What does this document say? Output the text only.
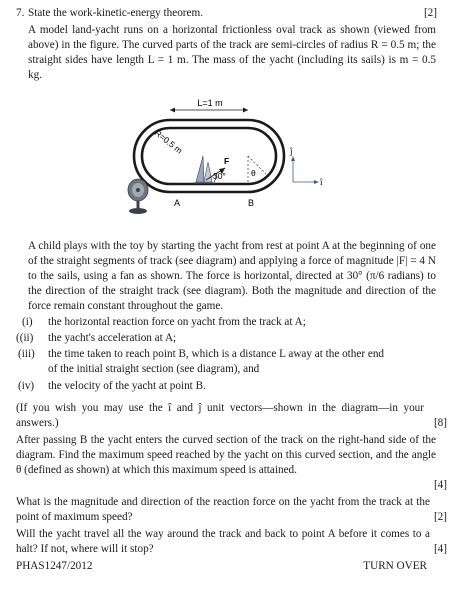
7. State the work-kinetic-energy theorem.	[2]
A model land-yacht runs on a horizontal frictionless oval track as shown (viewed from above) in the figure. The curved parts of the track are semi-circles of radius R = 0.5 m; the straight sides have length L = 1 m. The mass of the yacht (including its sails) is m = 0.5 kg.
L=1 m
R=0.5 m
F
30°	θ
A	B
ĵ
î
A child plays with the toy by starting the yacht from rest at point A at the beginning of one of the straight segments of track (see diagram) and applying a force of magnitude |F| = 4 N to the sails, using a fan as shown. The force is horizontal, directed at 30° (π/6 radians) to the direction of the straight track (see diagram). Both the magnitude and direction of the force remain constant throughout the game.
(i) the horizontal reaction force on yacht from the track at A;
((ii) the yacht's acceleration at A;
(iii) the time taken to reach point B, which is a distance L away at the other end
of the initial straight section (see diagram), and
(iv) the velocity of the yacht at point B.
(If you wish you may use the î and ĵ unit vectors—shown in the diagram—in your answers.)	[8]
After passing B the yacht enters the curved section of the track on the right-hand side of the diagram. Find the maximum speed reached by the yacht on this curved section, and the angle θ (defined as shown) at which this maximum speed is attained.
[4]
What is the magnitude and direction of the reaction force on the yacht from the track at the point of maximum speed?	[2]
Will the yacht travel all the way around the track and back to point A before it comes to a halt? If not, where will it stop?	[4]
PHAS1247/2012	TURN OVER
